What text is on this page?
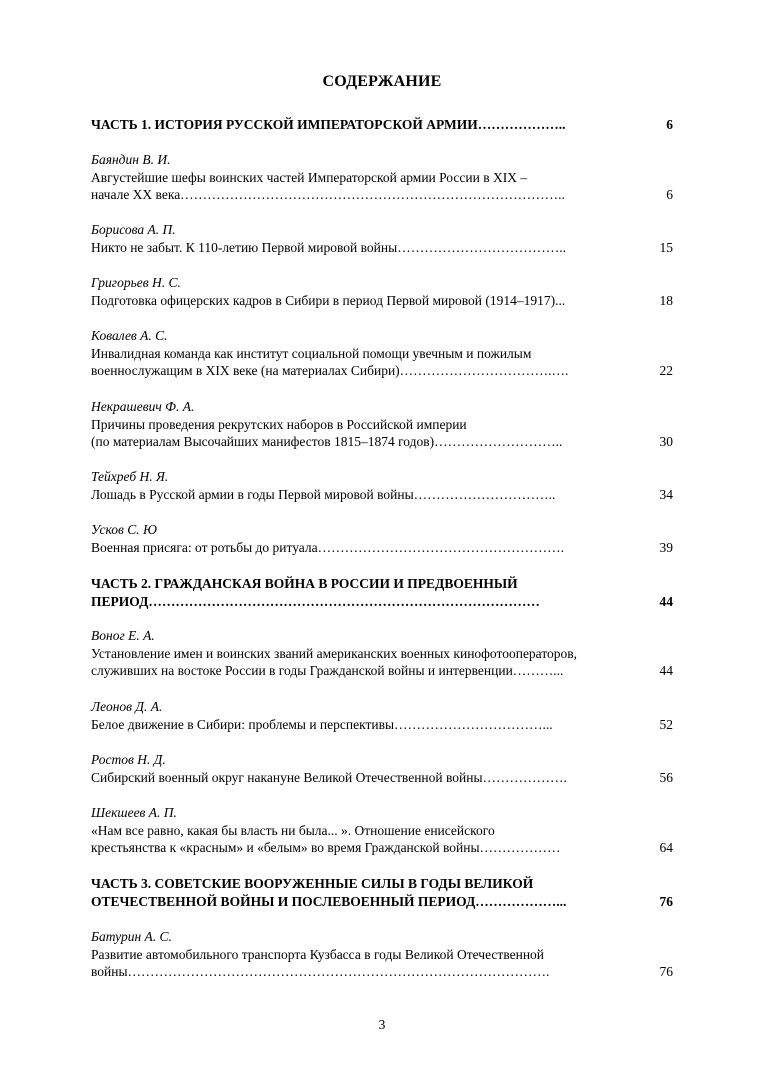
СОДЕРЖАНИЕ
ЧАСТЬ 1. ИСТОРИЯ РУССКОЙ ИМПЕРАТОРСКОЙ АРМИИ………………..	6
Баяндин В. И.
Августейшие шефы воинских частей Императорской армии России в XIX –
начале XX века…………………………………………………………………………..	6
Борисова А. П.
Никто не забыт. К 110-летию Первой мировой войны………………………………..	15
Григорьев Н. С.
Подготовка офицерских кадров в Сибири в период Первой мировой (1914–1917)...	18
Ковалев А. С.
Инвалидная команда как институт социальной помощи увечным и пожилым
военнослужащим в XIX веке (на материалах Сибири)…………………………….….	22
Некрашевич Ф. А.
Причины проведения рекрутских наборов в Российской империи
(по материалам Высочайших манифестов 1815–1874 годов)………………………..	30
Тейхреб Н. Я.
Лошадь в Русской армии в годы Первой мировой войны…………………………..	34
Усков С. Ю
Военная присяга: от ротьбы до ритуала……………………………………………….	39
ЧАСТЬ 2. ГРАЖДАНСКАЯ ВОЙНА В РОССИИ И ПРЕДВОЕННЫЙ
ПЕРИОД……………………………………………………………………………	44
Воног Е. А.
Установление имен и воинских званий американских военных кинофотооператоров,
служивших на востоке России в годы Гражданской войны и интервенции………...	44
Леонов Д. А.
Белое движение в Сибири: проблемы и перспективы……………………………...	52
Ростов Н. Д.
Сибирский военный округ накануне Великой Отечественной войны……………….	56
Шекшеев А. П.
«Нам все равно, какая бы власть ни была... ». Отношение енисейского
крестьянства к «красным» и «белым» во время Гражданской войны………………	64
ЧАСТЬ 3. СОВЕТСКИЕ ВООРУЖЕННЫЕ СИЛЫ В ГОДЫ ВЕЛИКОЙ
ОТЕЧЕСТВЕННОЙ ВОЙНЫ И ПОСЛЕВОЕННЫЙ ПЕРИОД………………...	76
Батурин А. С.
Развитие автомобильного транспорта Кузбасса в годы Великой Отечественной
войны………………………………………………………………………………….	76
3
